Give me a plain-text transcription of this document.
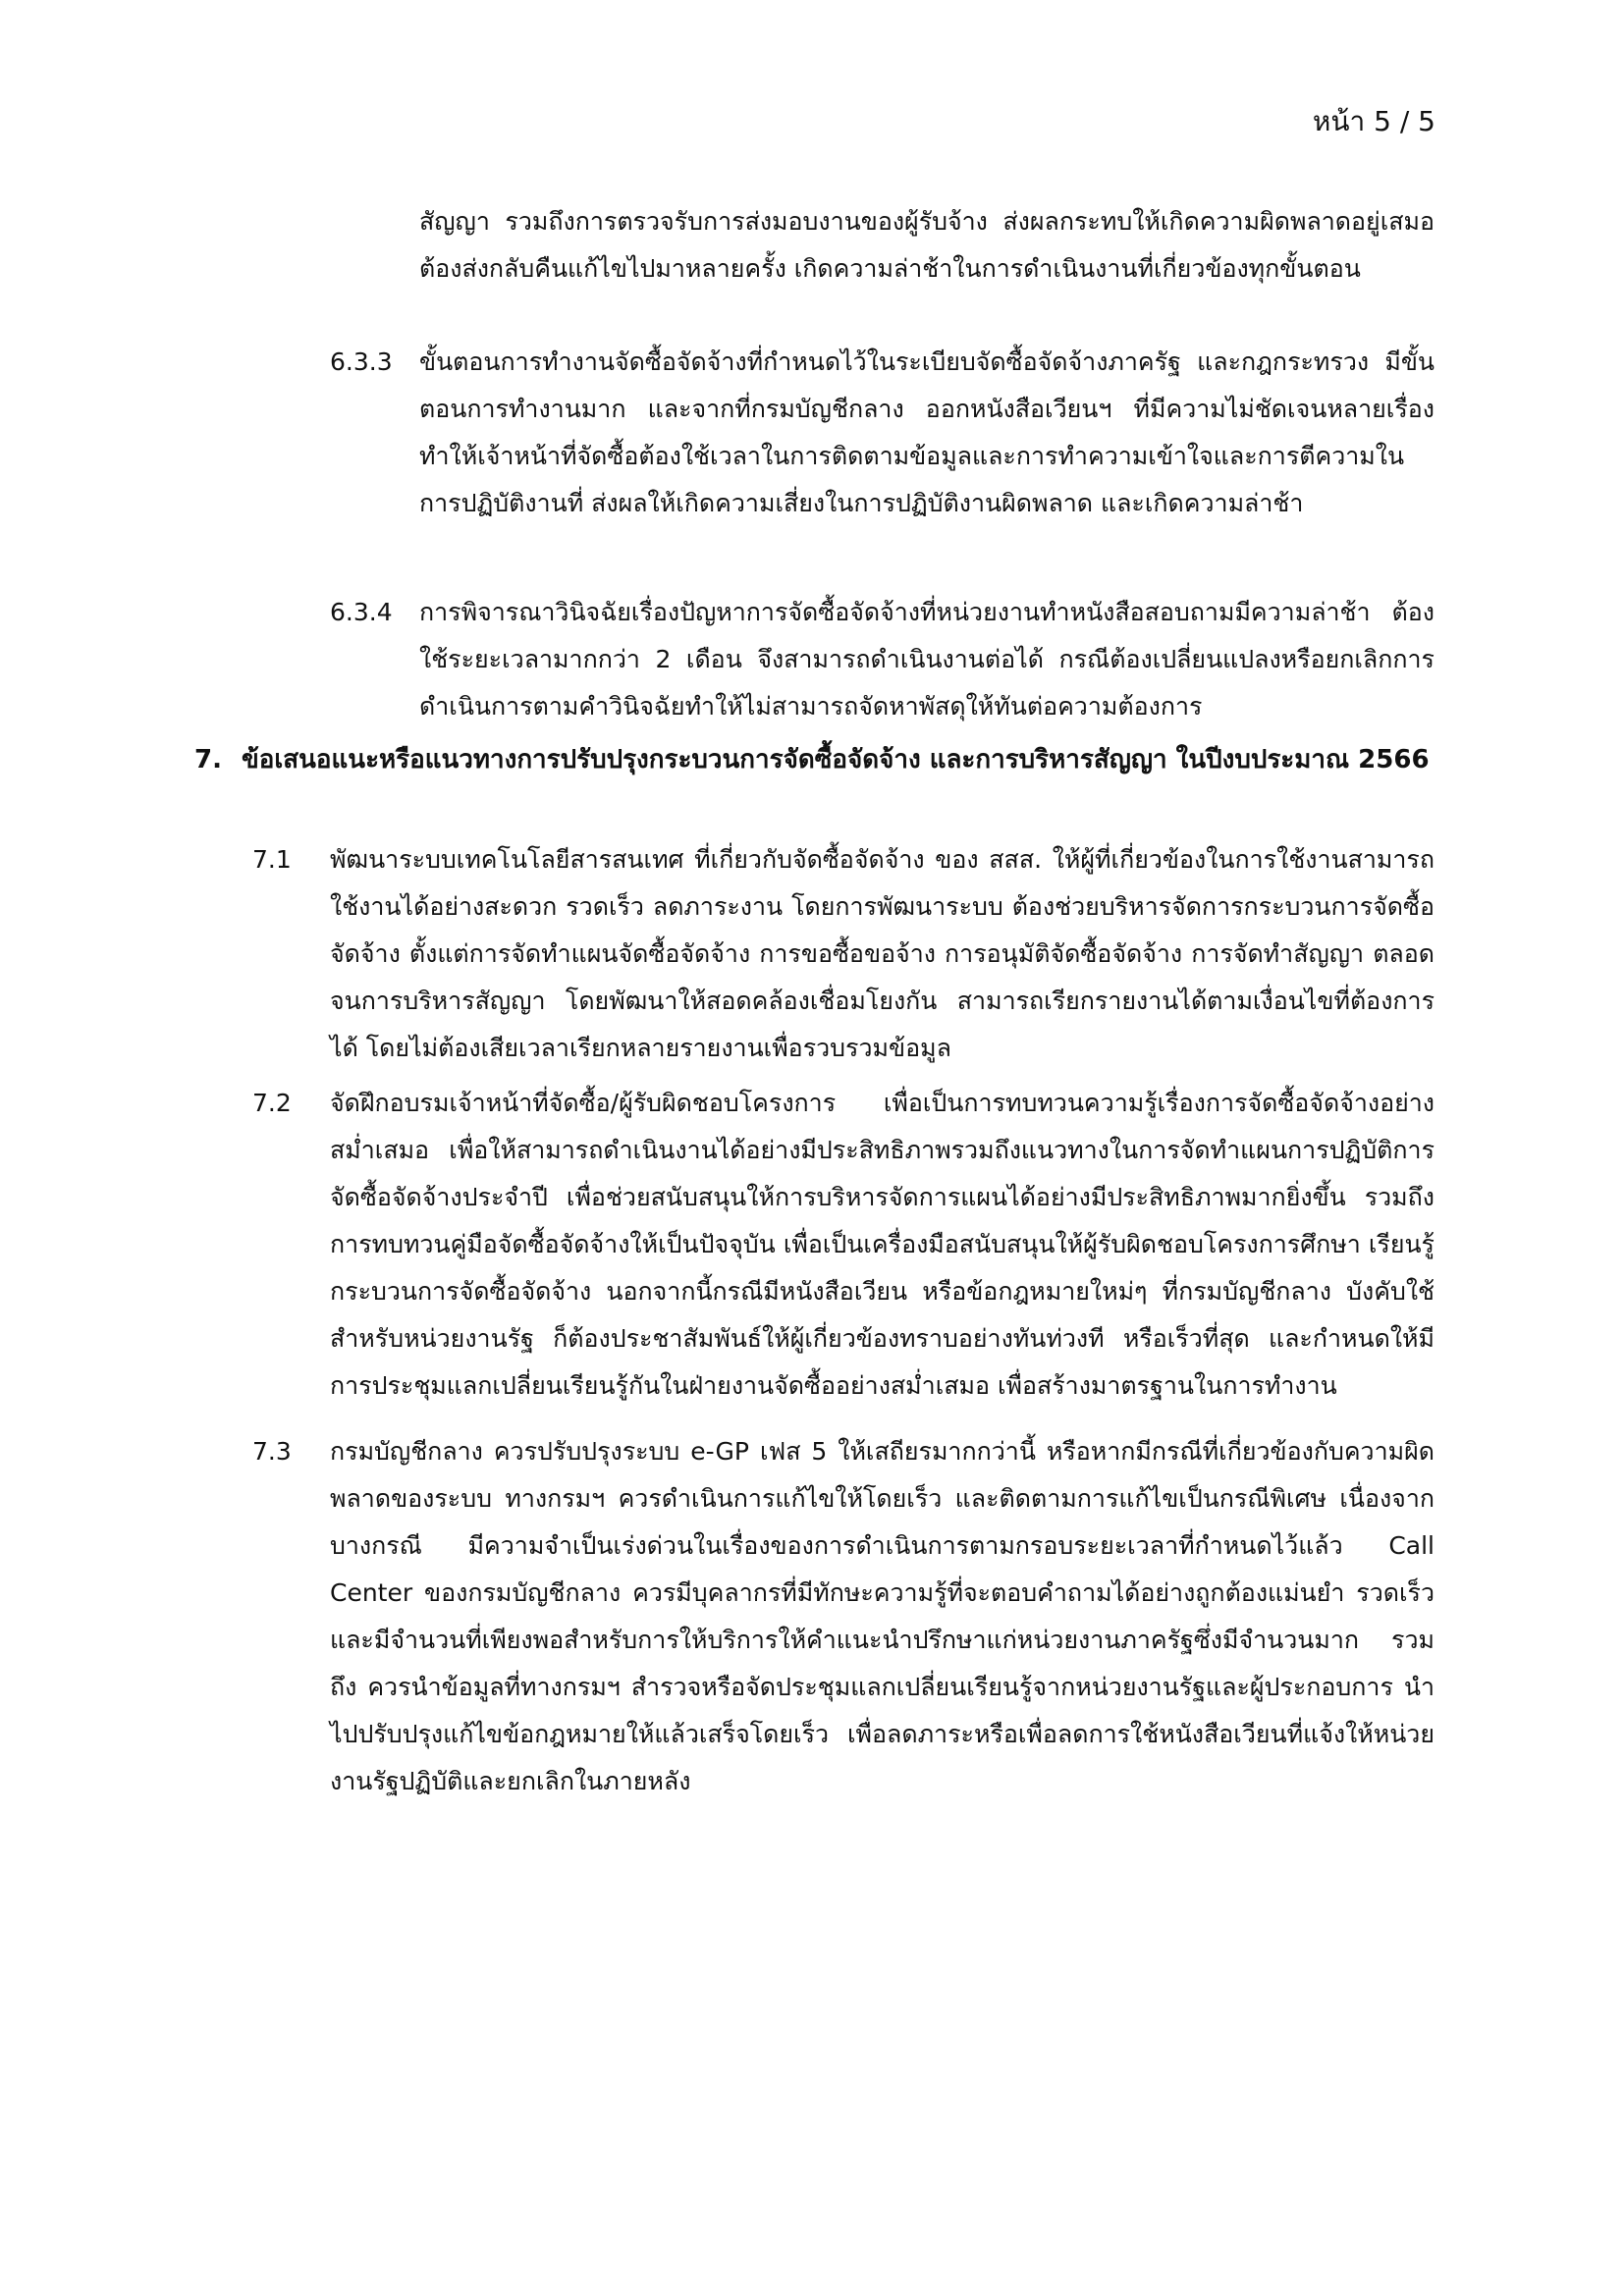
หน้า 5 / 5
สัญญา รวมถึงการตรวจรับการส่งมอบงานของผู้รับจ้าง ส่งผลกระทบให้เกิดความผิดพลาดอยู่เสมอ ต้องส่งกลับคืนแก้ไขไปมาหลายครั้ง เกิดความล่าช้าในการดำเนินงานที่เกี่ยวข้องทุกขั้นตอน
6.3.3 ขั้นตอนการทำงานจัดซื้อจัดจ้างที่กำหนดไว้ในระเบียบจัดซื้อจัดจ้างภาครัฐ และกฎกระทรวง มีขั้นตอนการทำงานมาก และจากที่กรมบัญชีกลาง ออกหนังสือเวียนฯ ที่มีความไม่ชัดเจนหลายเรื่อง ทำให้เจ้าหน้าที่จัดซื้อต้องใช้เวลาในการติดตามข้อมูลและการทำความเข้าใจและการตีความในการปฏิบัติงานที่ ส่งผลให้เกิดความเสี่ยงในการปฏิบัติงานผิดพลาด และเกิดความล่าช้า
6.3.4 การพิจารณาวินิจฉัยเรื่องปัญหาการจัดซื้อจัดจ้างที่หน่วยงานทำหนังสือสอบถามมีความล่าช้า ต้องใช้ระยะเวลามากกว่า 2 เดือน จึงสามารถดำเนินงานต่อได้ กรณีต้องเปลี่ยนแปลงหรือยกเลิกการดำเนินการตามคำวินิจฉัยทำให้ไม่สามารถจัดหาพัสดุให้ทันต่อความต้องการ
7. ข้อเสนอแนะหรือแนวทางการปรับปรุงกระบวนการจัดซื้อจัดจ้าง และการบริหารสัญญา ในปีงบประมาณ 2566
7.1 พัฒนาระบบเทคโนโลยีสารสนเทศ ที่เกี่ยวกับจัดซื้อจัดจ้าง ของ สสส. ให้ผู้ที่เกี่ยวข้องในการใช้งานสามารถใช้งานได้อย่างสะดวก รวดเร็ว ลดภาระงาน โดยการพัฒนาระบบ ต้องช่วยบริหารจัดการกระบวนการจัดซื้อจัดจ้าง ตั้งแต่การจัดทำแผนจัดซื้อจัดจ้าง การขอซื้อขอจ้าง การอนุมัติจัดซื้อจัดจ้าง การจัดทำสัญญา ตลอดจนการบริหารสัญญา โดยพัฒนาให้สอดคล้องเชื่อมโยงกัน สามารถเรียกรายงานได้ตามเงื่อนไขที่ต้องการได้ โดยไม่ต้องเสียเวลาเรียกหลายรายงานเพื่อรวบรวมข้อมูล
7.2 จัดฝึกอบรมเจ้าหน้าที่จัดซื้อ/ผู้รับผิดชอบโครงการ เพื่อเป็นการทบทวนความรู้เรื่องการจัดซื้อจัดจ้างอย่างสม่ำเสมอ เพื่อให้สามารถดำเนินงานได้อย่างมีประสิทธิภาพรวมถึงแนวทางในการจัดทำแผนการปฏิบัติการจัดซื้อจัดจ้างประจำปี เพื่อช่วยสนับสนุนให้การบริหารจัดการแผนได้อย่างมีประสิทธิภาพมากยิ่งขึ้น รวมถึงการทบทวนคู่มือจัดซื้อจัดจ้างให้เป็นปัจจุบัน เพื่อเป็นเครื่องมือสนับสนุนให้ผู้รับผิดชอบโครงการศึกษา เรียนรู้ กระบวนการจัดซื้อจัดจ้าง นอกจากนี้กรณีมีหนังสือเวียน หรือข้อกฎหมายใหม่ๆ ที่กรมบัญชีกลาง บังคับใช้สำหรับหน่วยงานรัฐ ก็ต้องประชาสัมพันธ์ให้ผู้เกี่ยวข้องทราบอย่างทันท่วงที หรือเร็วที่สุด และกำหนดให้มีการประชุมแลกเปลี่ยนเรียนรู้กันในฝ่ายงานจัดซื้ออย่างสม่ำเสมอ เพื่อสร้างมาตรฐานในการทำงาน
7.3 กรมบัญชีกลาง ควรปรับปรุงระบบ e-GP เฟส 5 ให้เสถียรมากกว่านี้ หรือหากมีกรณีที่เกี่ยวข้องกับความผิดพลาดของระบบ ทางกรมฯ ควรดำเนินการแก้ไขให้โดยเร็ว และติดตามการแก้ไขเป็นกรณีพิเศษ เนื่องจากบางกรณี มีความจำเป็นเร่งด่วนในเรื่องของการดำเนินการตามกรอบระยะเวลาที่กำหนดไว้แล้ว Call Center ของกรมบัญชีกลาง ควรมีบุคลากรที่มีทักษะความรู้ที่จะตอบคำถามได้อย่างถูกต้องแม่นยำ รวดเร็ว และมีจำนวนที่เพียงพอสำหรับการให้บริการให้คำแนะนำปรึกษาแก่หน่วยงานภาครัฐซึ่งมีจำนวนมาก รวมถึง ควรนำข้อมูลที่ทางกรมฯ สำรวจหรือจัดประชุมแลกเปลี่ยนเรียนรู้จากหน่วยงานรัฐและผู้ประกอบการ นำไปปรับปรุงแก้ไขข้อกฎหมายให้แล้วเสร็จโดยเร็ว เพื่อลดภาระหรือเพื่อลดการใช้หนังสือเวียนที่แจ้งให้หน่วยงานรัฐปฏิบัติและยกเลิกในภายหลัง
